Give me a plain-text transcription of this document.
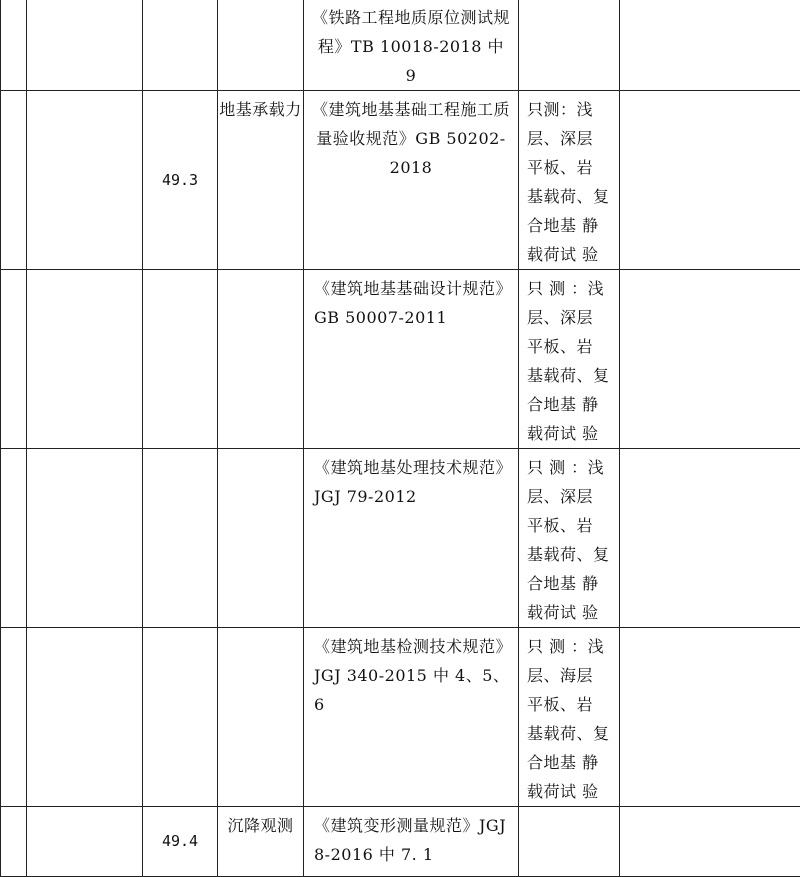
				《铁路工程地质原位测试规程》TB 10018-2018 中 9		
		49.3	地基承载力	《建筑地基基础工程施工质量验收规范》GB 50202-2018	只测：浅层、深层 平板、岩 基载荷、复合地基 静载荷试 验	
				《建筑地基基础设计规范》GB 50007-2011	只 测 ：浅层、深层 平板、岩 基载荷、复合地基 静载荷试 验	
				《建筑地基处理技术规范》JGJ 79-2012	只 测 ：浅层、深层 平板、岩 基载荷、复合地基 静载荷试 验	
				《建筑地基检测技术规范》JGJ 340-2015 中 4、5、6	只 测 ：浅层、海层 平板、岩 基载荷、复合地基 静载荷试 验	
		49.4	沉降观测	《建筑变形测量规范》JGJ 8-2016 中 7. 1		
